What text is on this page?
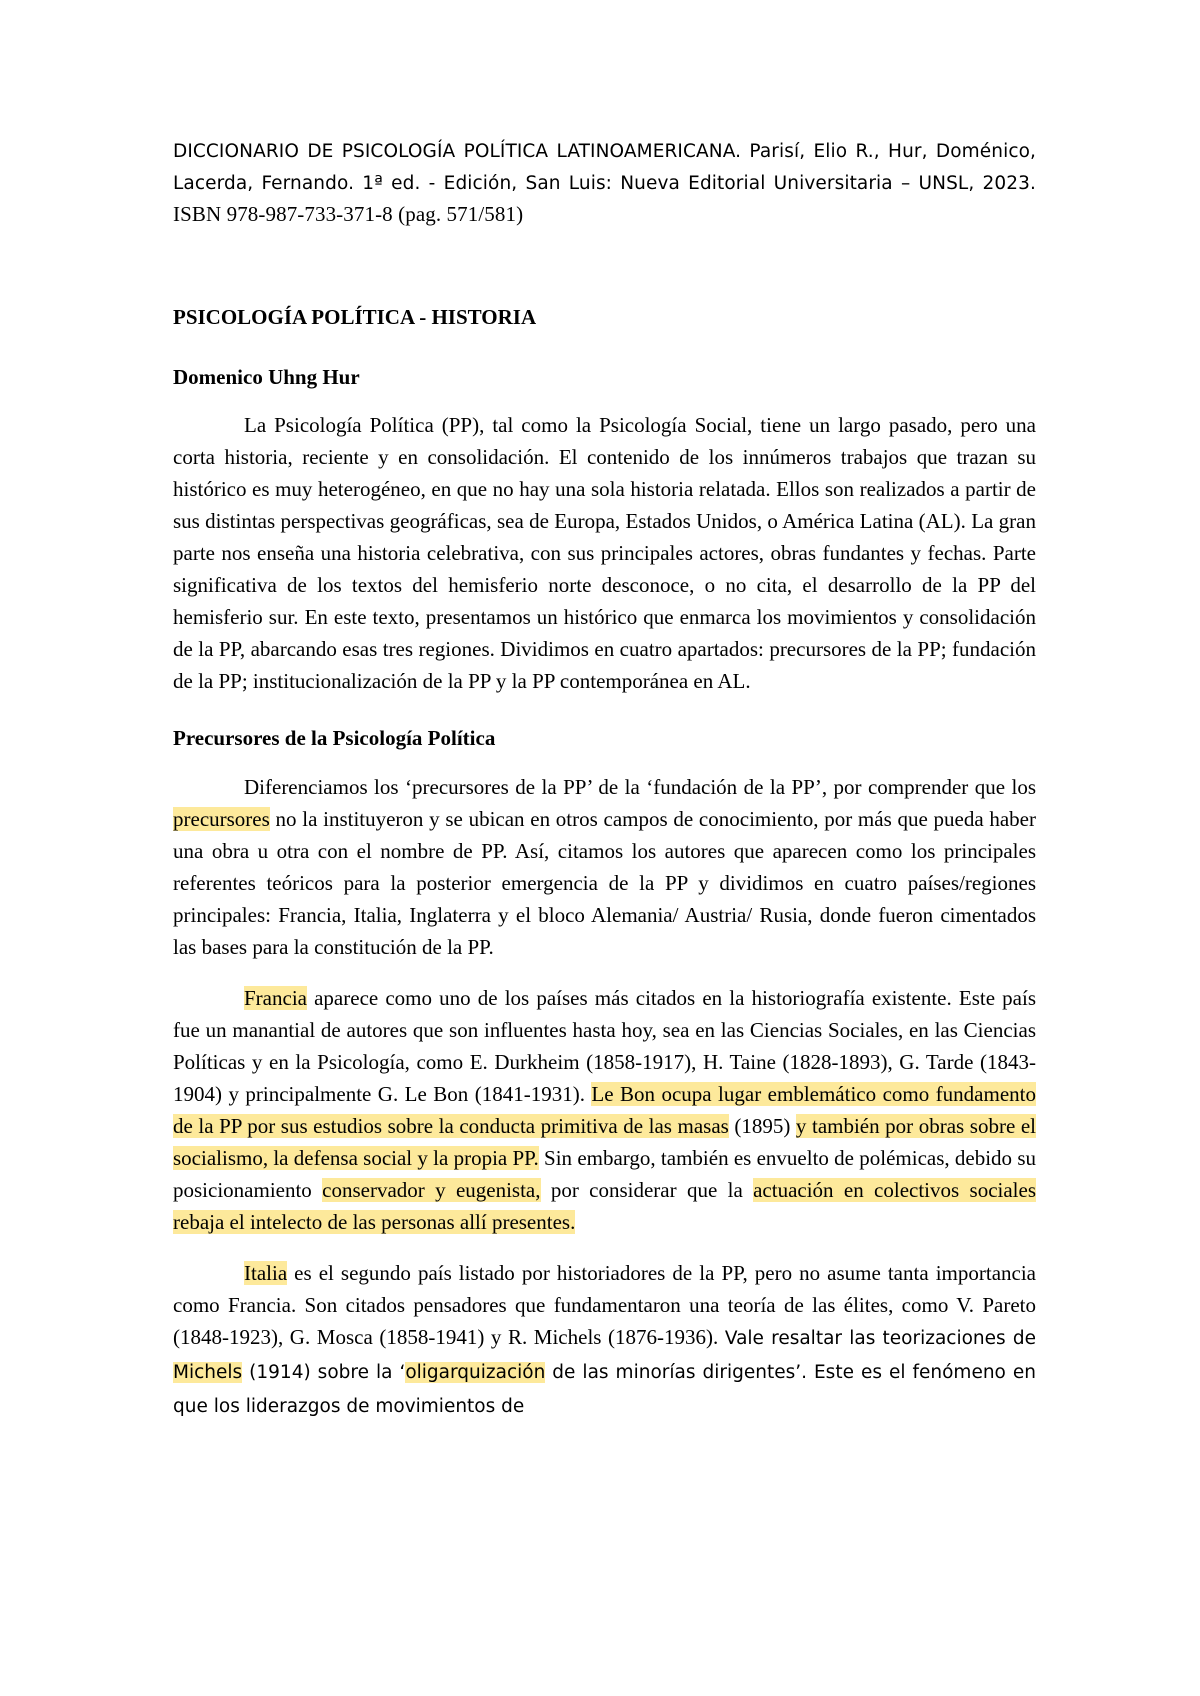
DICCIONARIO DE PSICOLOGÍA POLÍTICA LATINOAMERICANA. Parisí, Elio R., Hur, Doménico, Lacerda, Fernando. 1ª ed. - Edición, San Luis: Nueva Editorial Universitaria – UNSL, 2023. ISBN 978-987-733-371-8 (pag. 571/581)

PSICOLOGÍA POLÍTICA - HISTORIA
Domenico Uhng Hur

La Psicología Política (PP), tal como la Psicología Social, tiene un largo pasado, pero una corta historia, reciente y en consolidación. El contenido de los innúmeros trabajos que trazan su histórico es muy heterogéneo, en que no hay una sola historia relatada. Ellos son realizados a partir de sus distintas perspectivas geográficas, sea de Europa, Estados Unidos, o América Latina (AL). La gran parte nos enseña una historia celebrativa, con sus principales actores, obras fundantes y fechas. Parte significativa de los textos del hemisferio norte desconoce, o no cita, el desarrollo de la PP del hemisferio sur. En este texto, presentamos un histórico que enmarca los movimientos y consolidación de la PP, abarcando esas tres regiones. Dividimos en cuatro apartados: precursores de la PP; fundación de la PP; institucionalización de la PP y la PP contemporánea en AL.

Precursores de la Psicología Política

Diferenciamos los ‘precursores de la PP’ de la ‘fundación de la PP’, por comprender que los precursores no la instituyeron y se ubican en otros campos de conocimiento, por más que pueda haber una obra u otra con el nombre de PP. Así, citamos los autores que aparecen como los principales referentes teóricos para la posterior emergencia de la PP y dividimos en cuatro países/regiones principales: Francia, Italia, Inglaterra y el bloco Alemania/ Austria/ Rusia, donde fueron cimentados las bases para la constitución de la PP.

Francia aparece como uno de los países más citados en la historiografía existente. Este país fue un manantial de autores que son influentes hasta hoy, sea en las Ciencias Sociales, en las Ciencias Políticas y en la Psicología, como E. Durkheim (1858-1917), H. Taine (1828-1893), G. Tarde (1843-1904) y principalmente G. Le Bon (1841-1931). Le Bon ocupa lugar emblemático como fundamento de la PP por sus estudios sobre la conducta primitiva de las masas (1895) y también por obras sobre el socialismo, la defensa social y la propia PP. Sin embargo, también es envuelto de polémicas, debido su posicionamiento conservador y eugenista, por considerar que la actuación en colectivos sociales rebaja el intelecto de las personas allí presentes.

Italia es el segundo país listado por historiadores de la PP, pero no asume tanta importancia como Francia. Son citados pensadores que fundamentaron una teoría de las élites, como V. Pareto (1848-1923), G. Mosca (1858-1941) y R. Michels (1876-1936). Vale resaltar las teorizaciones de Michels (1914) sobre la ‘oligarquización de las minorías dirigentes’. Este es el fenómeno en que los liderazgos de movimientos de
